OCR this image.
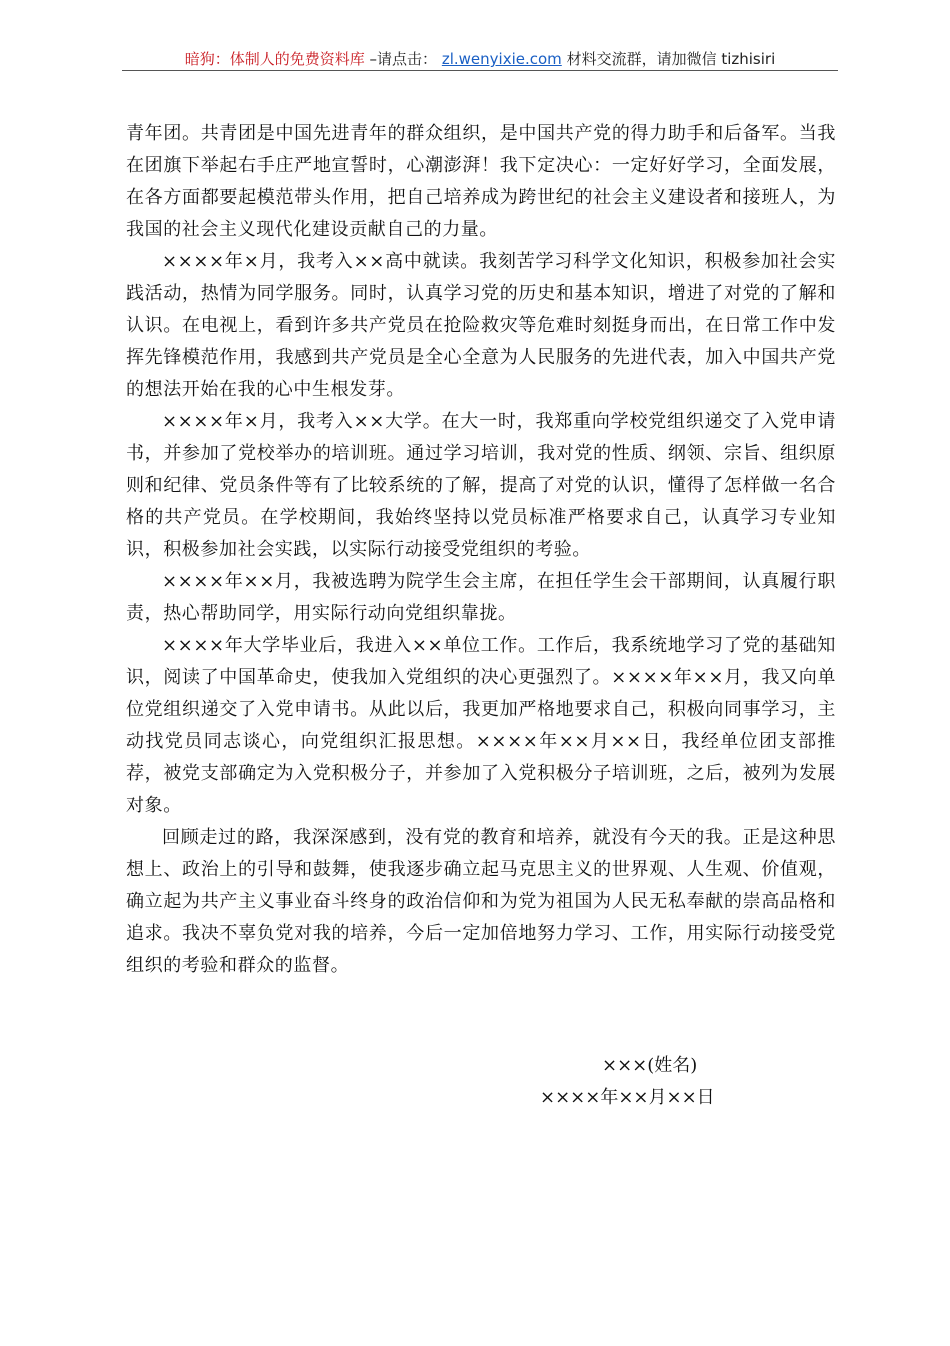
暗狗：体制人的免费资料库 –请点击： zl.wenyixie.com 材料交流群，请加微信 tizhisiri

青年团。共青团是中国先进青年的群众组织，是中国共产党的得力助手和后备军。当我在团旗下举起右手庄严地宣誓时，心潮澎湃！我下定决心：一定好好学习，全面发展，在各方面都要起模范带头作用，把自己培养成为跨世纪的社会主义建设者和接班人，为我国的社会主义现代化建设贡献自己的力量。

××××年×月，我考入××高中就读。我刻苦学习科学文化知识，积极参加社会实践活动，热情为同学服务。同时，认真学习党的历史和基本知识，增进了对党的了解和认识。在电视上，看到许多共产党员在抢险救灾等危难时刻挺身而出，在日常工作中发挥先锋模范作用，我感到共产党员是全心全意为人民服务的先进代表，加入中国共产党的想法开始在我的心中生根发芽。

××××年×月，我考入××大学。在大一时，我郑重向学校党组织递交了入党申请书，并参加了党校举办的培训班。通过学习培训，我对党的性质、纲领、宗旨、组织原则和纪律、党员条件等有了比较系统的了解，提高了对党的认识，懂得了怎样做一名合格的共产党员。在学校期间，我始终坚持以党员标准严格要求自己，认真学习专业知识，积极参加社会实践，以实际行动接受党组织的考验。

××××年××月，我被选聘为院学生会主席，在担任学生会干部期间，认真履行职责，热心帮助同学，用实际行动向党组织靠拢。

××××年大学毕业后，我进入××单位工作。工作后，我系统地学习了党的基础知识，阅读了中国革命史，使我加入党组织的决心更强烈了。××××年××月，我又向单位党组织递交了入党申请书。从此以后，我更加严格地要求自己，积极向同事学习，主动找党员同志谈心，向党组织汇报思想。××××年××月××日，我经单位团支部推荐，被党支部确定为入党积极分子，并参加了入党积极分子培训班，之后，被列为发展对象。

回顾走过的路，我深深感到，没有党的教育和培养，就没有今天的我。正是这种思想上、政治上的引导和鼓舞，使我逐步确立起马克思主义的世界观、人生观、价值观，确立起为共产主义事业奋斗终身的政治信仰和为党为祖国为人民无私奉献的崇高品格和追求。我决不辜负党对我的培养，今后一定加倍地努力学习、工作，用实际行动接受党组织的考验和群众的监督。

×××(姓名)
××××年××月××日
